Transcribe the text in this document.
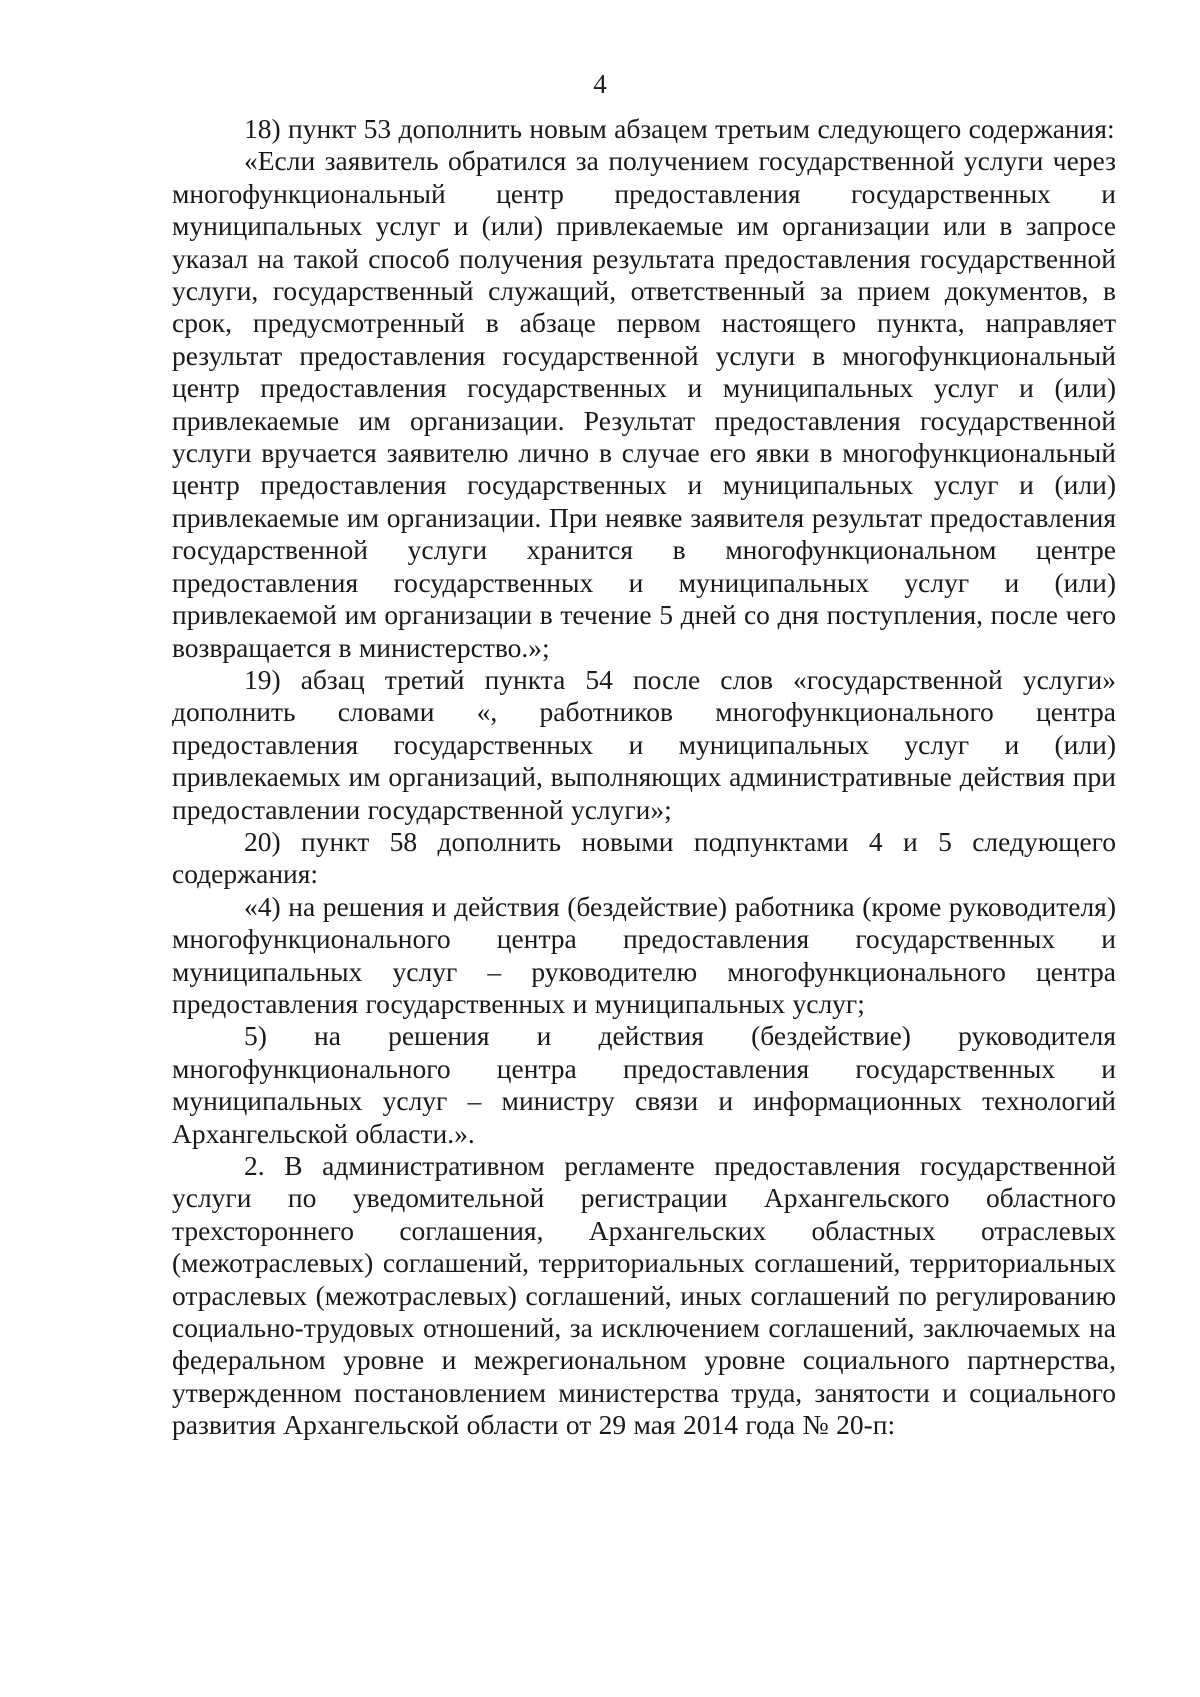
4

18) пункт 53 дополнить новым абзацем третьим следующего содержания:

«Если заявитель обратился за получением государственной услуги через многофункциональный центр предоставления государственных и муниципальных услуг и (или) привлекаемые им организации или в запросе указал на такой способ получения результата предоставления государственной услуги, государственный служащий, ответственный за прием документов, в срок, предусмотренный в абзаце первом настоящего пункта, направляет результат предоставления государственной услуги в многофункциональный центр предоставления государственных и муниципальных услуг и (или) привлекаемые им организации. Результат предоставления государственной услуги вручается заявителю лично в случае его явки в многофункциональный центр предоставления государственных и муниципальных услуг и (или) привлекаемые им организации. При неявке заявителя результат предоставления государственной услуги хранится в многофункциональном центре предоставления государственных и муниципальных услуг и (или) привлекаемой им организации в течение 5 дней со дня поступления, после чего возвращается в министерство.»;

19) абзац третий пункта 54 после слов «государственной услуги» дополнить словами «, работников многофункционального центра предоставления государственных и муниципальных услуг и (или) привлекаемых им организаций, выполняющих административные действия при предоставлении государственной услуги»;

20) пункт 58 дополнить новыми подпунктами 4 и 5 следующего содержания:

«4) на решения и действия (бездействие) работника (кроме руководителя) многофункционального центра предоставления государственных и муниципальных услуг – руководителю многофункционального центра предоставления государственных и муниципальных услуг;

5) на решения и действия (бездействие) руководителя многофункционального центра предоставления государственных и муниципальных услуг – министру связи и информационных технологий Архангельской области.».

2. В административном регламенте предоставления государственной услуги по уведомительной регистрации Архангельского областного трехстороннего соглашения, Архангельских областных отраслевых (межотраслевых) соглашений, территориальных соглашений, территориальных отраслевых (межотраслевых) соглашений, иных соглашений по регулированию социально-трудовых отношений, за исключением соглашений, заключаемых на федеральном уровне и межрегиональном уровне социального партнерства, утвержденном постановлением министерства труда, занятости и социального развития Архангельской области от 29 мая 2014 года № 20-п:
